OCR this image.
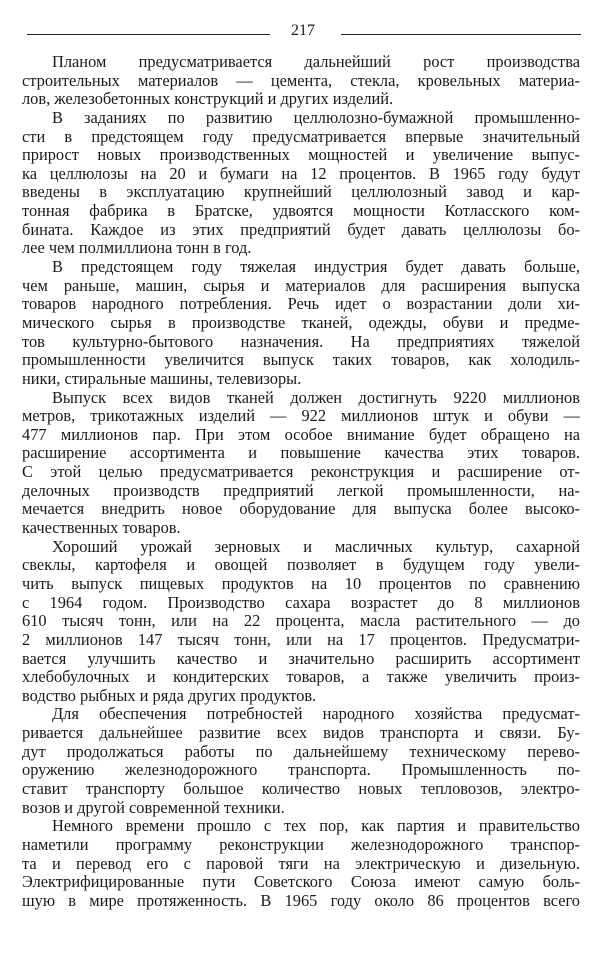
217
Планом предусматривается дальнейший рост производства
строительных материалов — цемента, стекла, кровельных материа-
лов, железобетонных конструкций и других изделий.
В заданиях по развитию целлюлозно-бумажной промышленно-
сти в предстоящем году предусматривается впервые значительный
прирост новых производственных мощностей и увеличение выпус-
ка целлюлозы на 20 и бумаги на 12 процентов. В 1965 году будут
введены в эксплуатацию крупнейший целлюлозный завод и кар-
тонная фабрика в Братске, удвоятся мощности Котласского ком-
бината. Каждое из этих предприятий будет давать целлюлозы бо-
лее чем полмиллиона тонн в год.
В предстоящем году тяжелая индустрия будет давать больше,
чем раньше, машин, сырья и материалов для расширения выпуска
товаров народного потребления. Речь идет о возрастании доли хи-
мического сырья в производстве тканей, одежды, обуви и предме-
тов культурно-бытового назначения. На предприятиях тяжелой
промышленности увеличится выпуск таких товаров, как холодиль-
ники, стиральные машины, телевизоры.
Выпуск всех видов тканей должен достигнуть 9220 миллионов
метров, трикотажных изделий — 922 миллионов штук и обуви —
477 миллионов пар. При этом особое внимание будет обращено на
расширение ассортимента и повышение качества этих товаров.
С этой целью предусматривается реконструкция и расширение от-
делочных производств предприятий легкой промышленности, на-
мечается внедрить новое оборудование для выпуска более высоко-
качественных товаров.
Хороший урожай зерновых и масличных культур, сахарной
свеклы, картофеля и овощей позволяет в будущем году увели-
чить выпуск пищевых продуктов на 10 процентов по сравнению
с 1964 годом. Производство сахара возрастет до 8 миллионов
610 тысяч тонн, или на 22 процента, масла растительного — до
2 миллионов 147 тысяч тонн, или на 17 процентов. Предусматри-
вается улучшить качество и значительно расширить ассортимент
хлебобулочных и кондитерских товаров, а также увеличить произ-
водство рыбных и ряда других продуктов.
Для обеспечения потребностей народного хозяйства предусмат-
ривается дальнейшее развитие всех видов транспорта и связи. Бу-
дут продолжаться работы по дальнейшему техническому перево-
оружению железнодорожного транспорта. Промышленность по-
ставит транспорту большое количество новых тепловозов, электро-
возов и другой современной техники.
Немного времени прошло с тех пор, как партия и правительство
наметили программу реконструкции железнодорожного транспор-
та и перевод его с паровой тяги на электрическую и дизельную.
Электрифицированные пути Советского Союза имеют самую боль-
шую в мире протяженность. В 1965 году около 86 процентов всего
